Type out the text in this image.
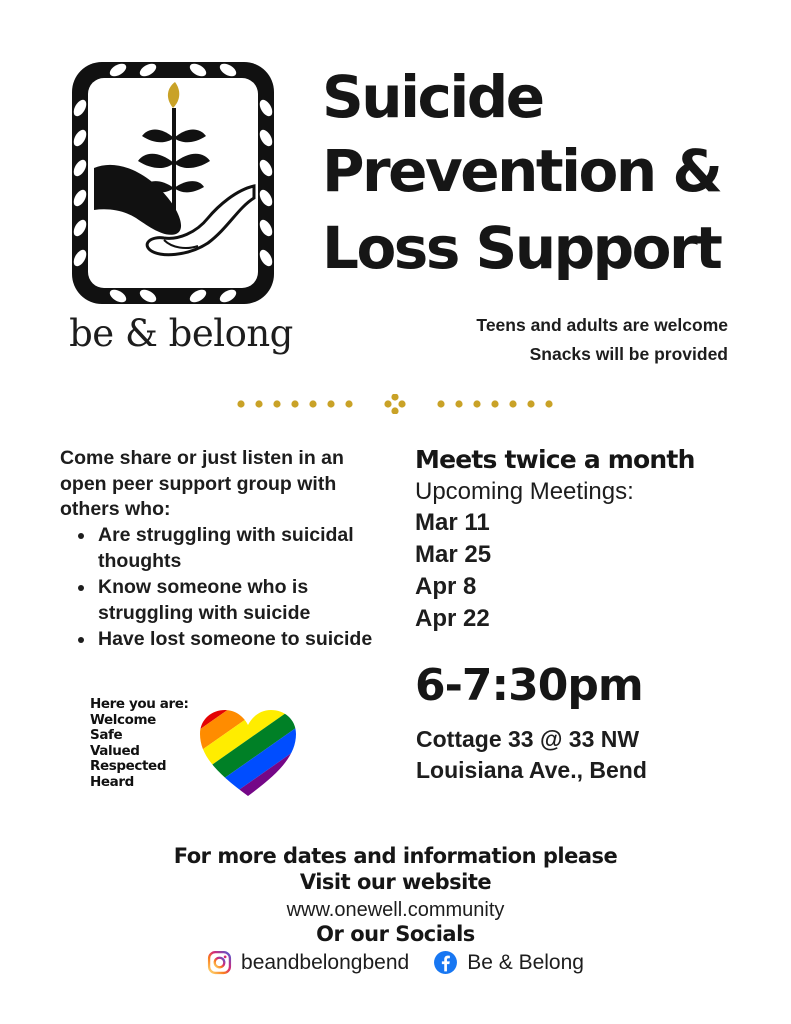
be & belong
Suicide
Prevention &
Loss Support
Teens and adults are welcome
Snacks will be provided
Come share or just listen in an open peer support group with others who:
Are struggling with suicidal thoughts
Know someone who is struggling with suicide
Have lost someone to suicide
Here you are:
Welcome
Safe
Valued
Respected
Heard
Meets twice a month
Upcoming Meetings:
Mar 11
Mar 25
Apr 8
Apr 22
6-7:30pm
Cottage 33 @ 33 NW
Louisiana Ave., Bend
For more dates and information please
Visit our website
www.onewell.community
Or our Socials
beandbelongbend	Be & Belong
